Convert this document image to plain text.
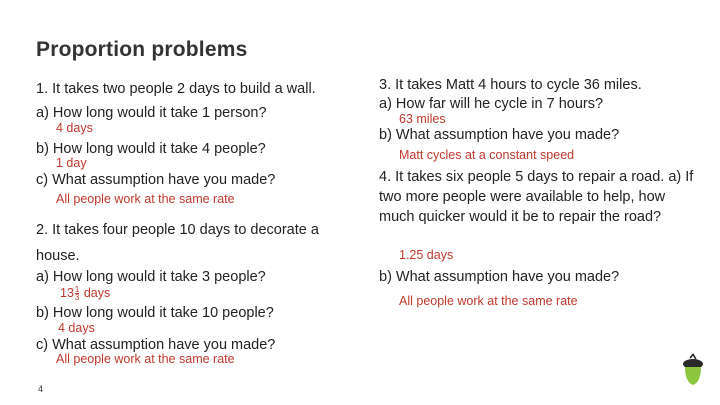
Proportion problems
1. It takes two people 2 days to build a wall.
a) How long would it take 1 person?
4 days
b) How long would it take 4 people?
1 day
c) What assumption have you made?
All people work at the same rate
2. It takes four people 10 days to decorate a house.
a) How long would it take 3 people?
$13 \frac{1}{3}$ days
b) How long would it take 10 people?
4 days
c) What assumption have you made?
All people work at the same rate
3. It takes Matt 4 hours to cycle 36 miles.
a) How far will he cycle in 7 hours?
63 miles
b) What assumption have you made?
Matt cycles at a constant speed
4. It takes six people 5 days to repair a road. a) If two more people were available to help, how much quicker would it be to repair the road?
1.25 days
b) What assumption have you made?
All people work at the same rate
4
